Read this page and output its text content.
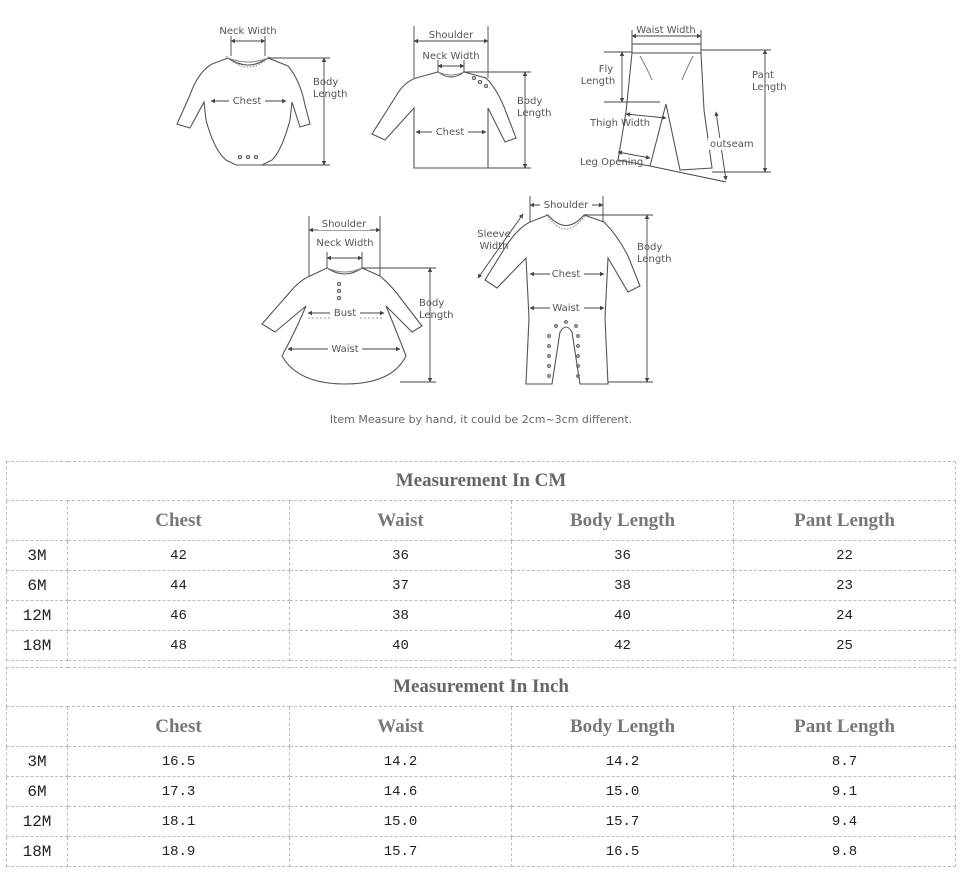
Neck Width
Chest
Body
Length
Shoulder
Neck Width
Chest
Body
Length
Waist Width
Fly
Length
Pant
Length
Thigh Width
outseam
Leg Opening
Shoulder
Neck Width
Bust
Waist
Body
Length
Shoulder
Sleeve
Width
Chest
Waist
Body
Length
Item Measure by hand, it could be 2cm~3cm different.
Measurement In CM				
	Chest	Waist	Body Length	Pant Length
3M	42	36	36	22
6M	44	37	38	23
12M	46	38	40	24
18M	48	40	42	25
Measurement In Inch				
	Chest	Waist	Body Length	Pant Length
3M	16.5	14.2	14.2	8.7
6M	17.3	14.6	15.0	9.1
12M	18.1	15.0	15.7	9.4
18M	18.9	15.7	16.5	9.8
